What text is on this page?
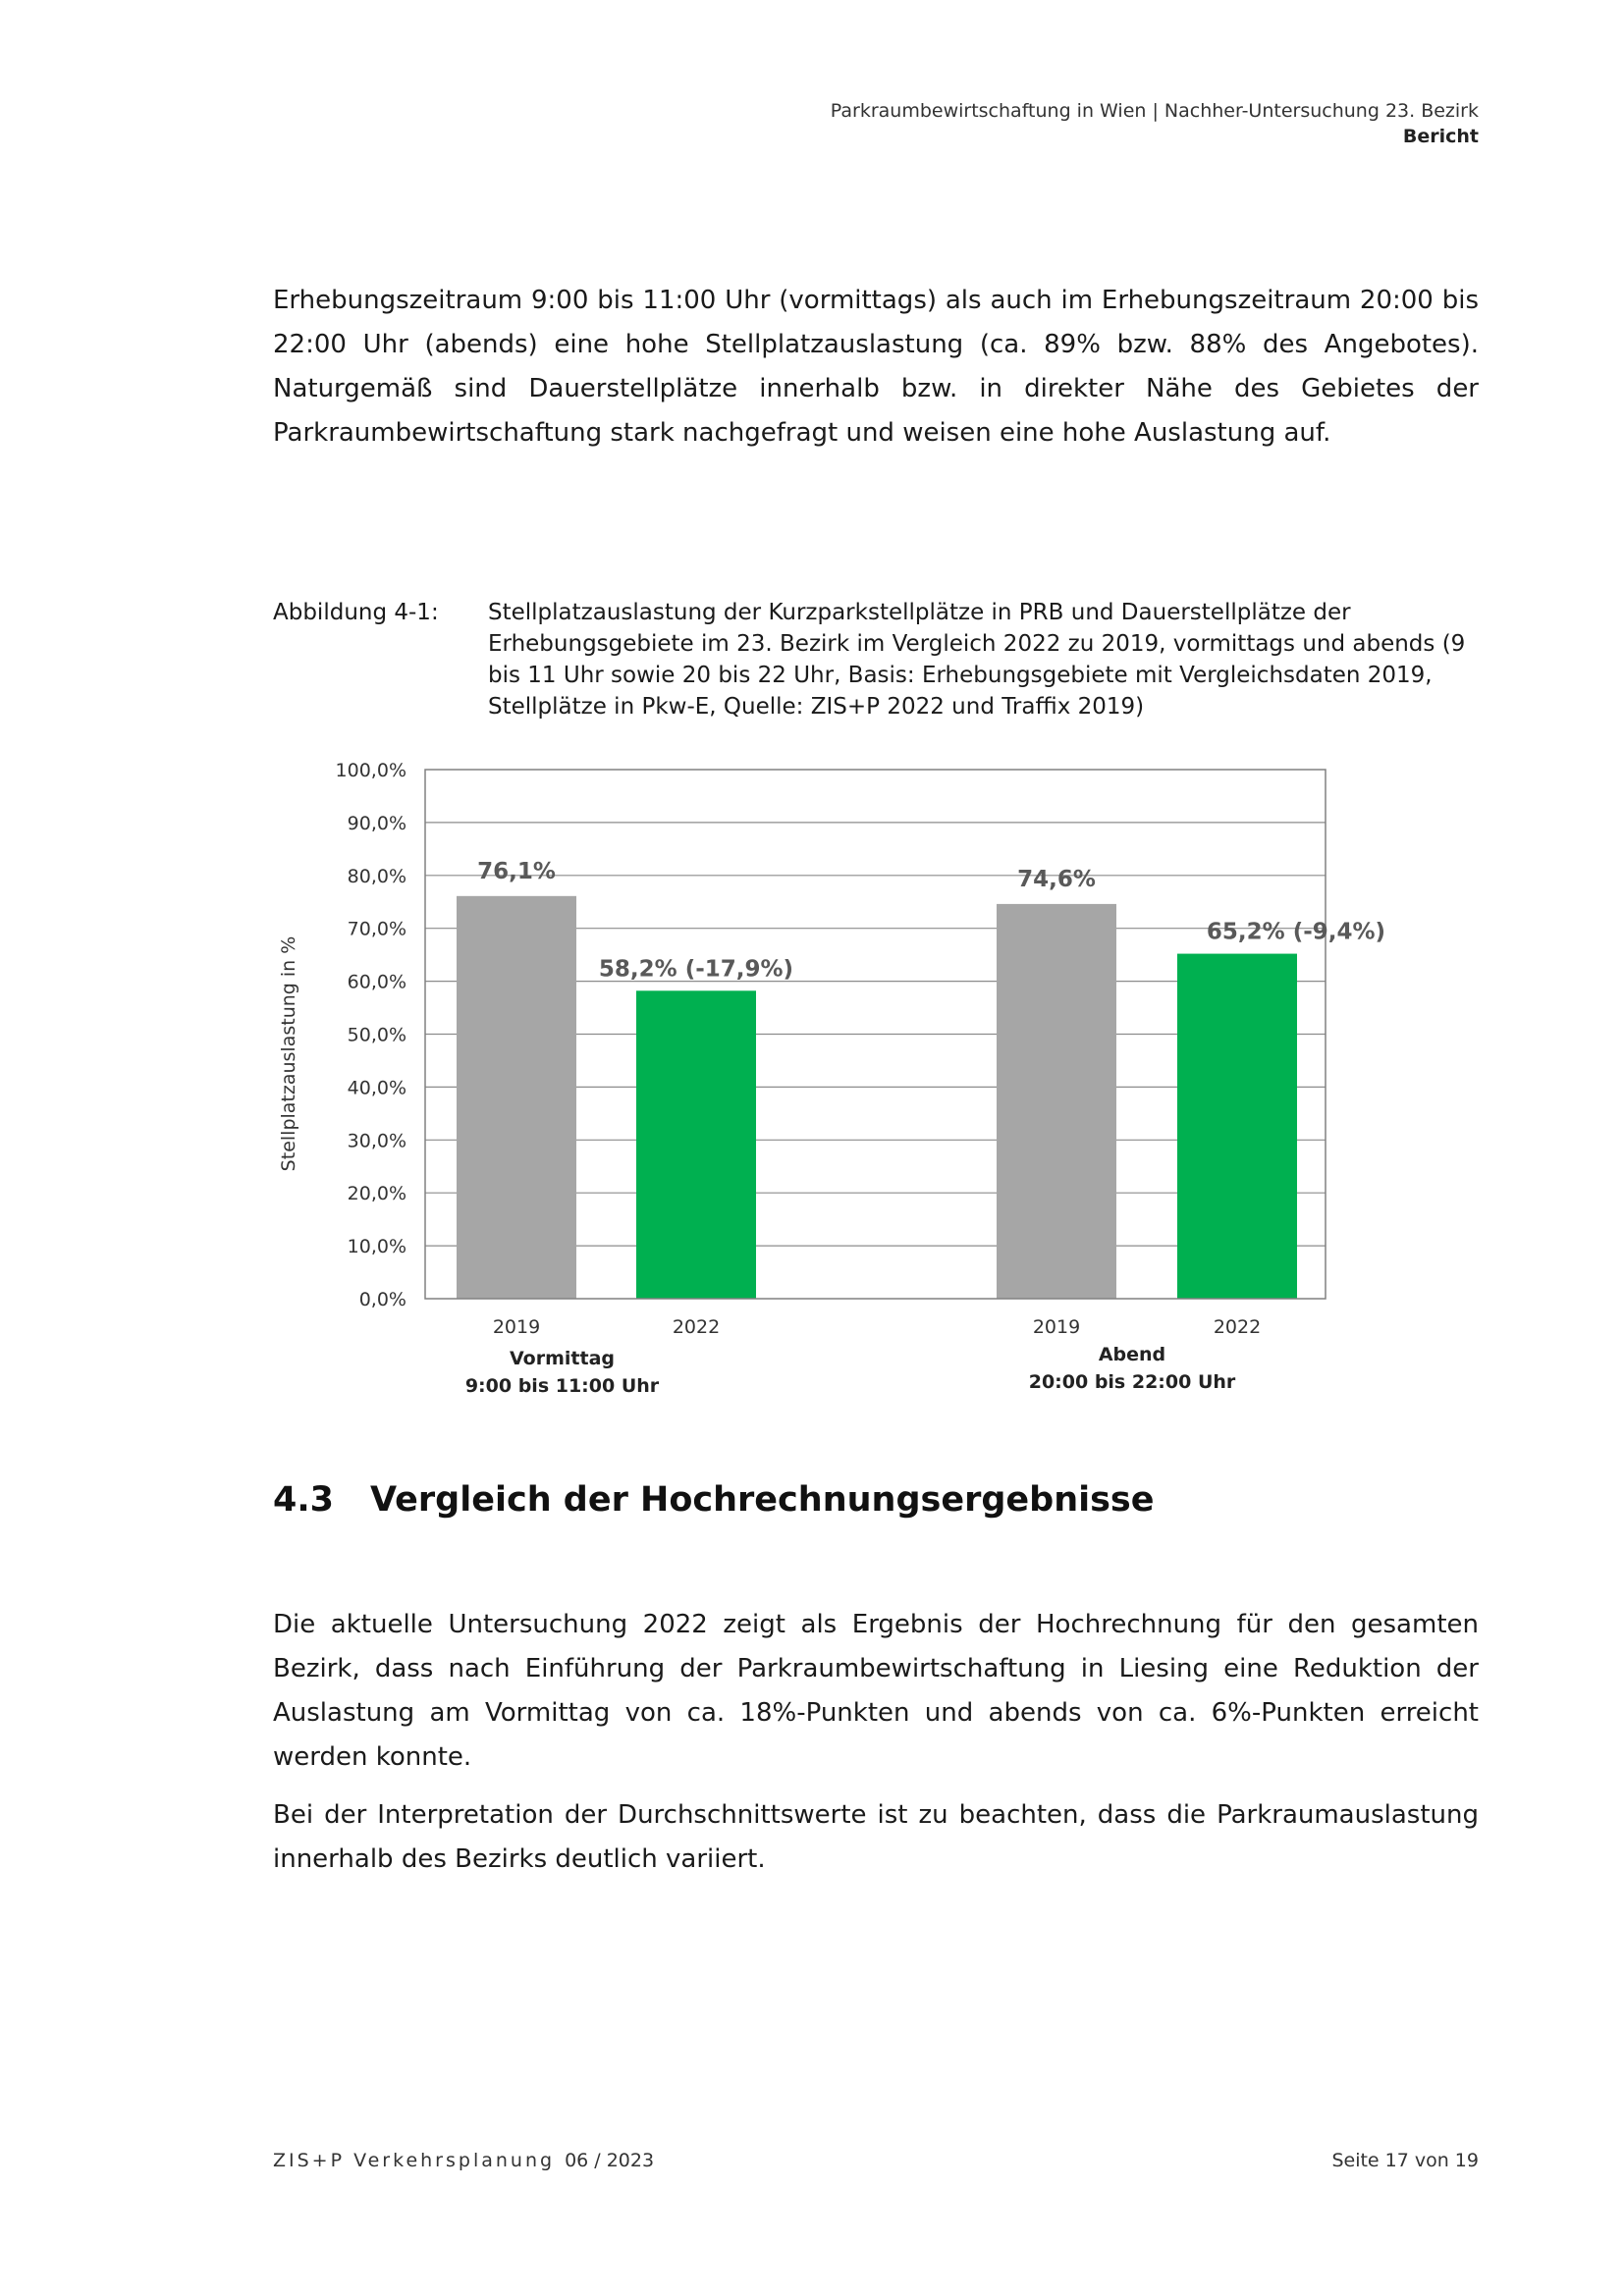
Parkraumbewirtschaftung in Wien | Nachher-Untersuchung 23. Bezirk
Bericht
Erhebungszeitraum 9:00 bis 11:00 Uhr (vormittags) als auch im Erhebungszeitraum 20:00 bis 22:00 Uhr (abends) eine hohe Stellplatzauslastung (ca. 89% bzw. 88% des Angebotes). Naturgemäß sind Dauerstellplätze innerhalb bzw. in direkter Nähe des Gebietes der Parkraumbewirtschaftung stark nachgefragt und weisen eine hohe Auslastung auf.
Abbildung 4-1: Stellplatzauslastung der Kurzparkstellplätze in PRB und Dauerstellplätze der Erhebungsgebiete im 23. Bezirk im Vergleich 2022 zu 2019, vormittags und abends (9 bis 11 Uhr sowie 20 bis 22 Uhr, Basis: Erhebungsgebiete mit Vergleichsdaten 2019, Stellplätze in Pkw-E, Quelle: ZIS+P 2022 und Traffix 2019)
0,0%
10,0%
20,0%
30,0%
40,0%
50,0%
60,0%
70,0%
80,0%
90,0%
100,0%
76,1%
58,2% (-17,9%)
74,6%
65,2% (-9,4%)
2019	2022
Vormittag
9:00 bis 11:00 Uhr
2019	2022
Abend
20:00 bis 22:00 Uhr
Stellplatzauslastung in %
4.3 Vergleich der Hochrechnungsergebnisse
Die aktuelle Untersuchung 2022 zeigt als Ergebnis der Hochrechnung für den gesamten Bezirk, dass nach Einführung der Parkraumbewirtschaftung in Liesing eine Reduktion der Auslastung am Vormittag von ca. 18%-Punkten und abends von ca. 6%-Punkten erreicht werden konnte.
Bei der Interpretation der Durchschnittswerte ist zu beachten, dass die Parkraumauslastung innerhalb des Bezirks deutlich variiert.
ZIS+P Verkehrsplanung 06 / 2023	Seite 17 von 19
